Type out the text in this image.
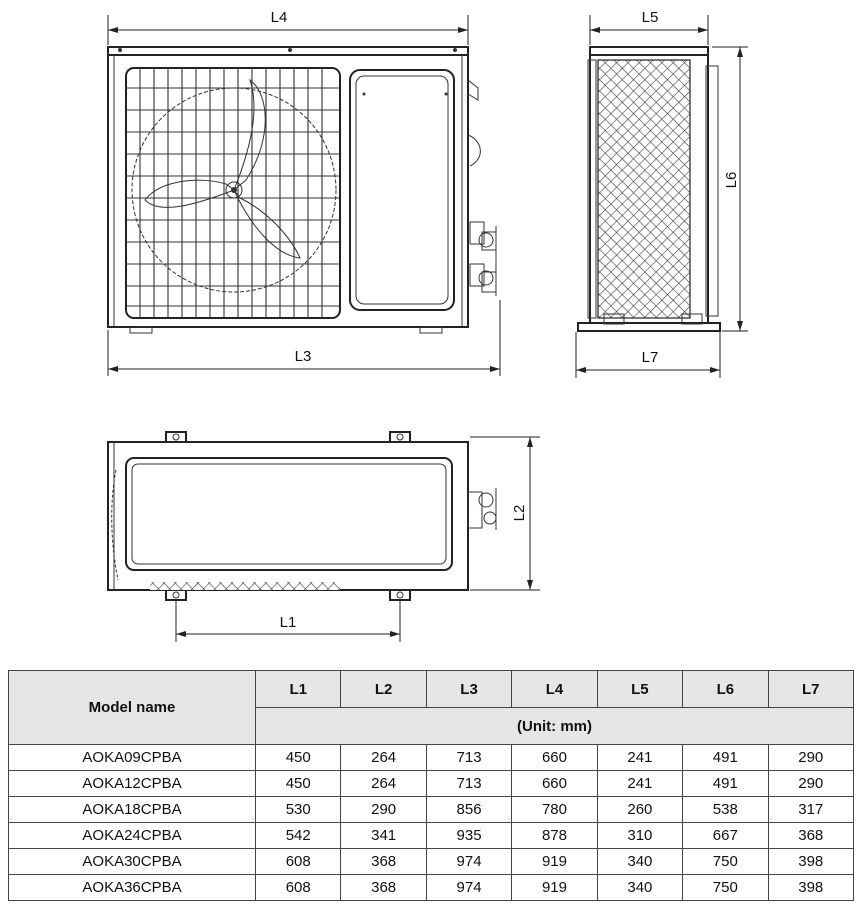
L4
L3
L5
L6
L7
L2
L1
Model name	L1	L2	L3	L4	L5	L6	L7
	(Unit: mm)						
AOKA09CPBA	450	264	713	660	241	491	290
AOKA12CPBA	450	264	713	660	241	491	290
AOKA18CPBA	530	290	856	780	260	538	317
AOKA24CPBA	542	341	935	878	310	667	368
AOKA30CPBA	608	368	974	919	340	750	398
AOKA36CPBA	608	368	974	919	340	750	398
